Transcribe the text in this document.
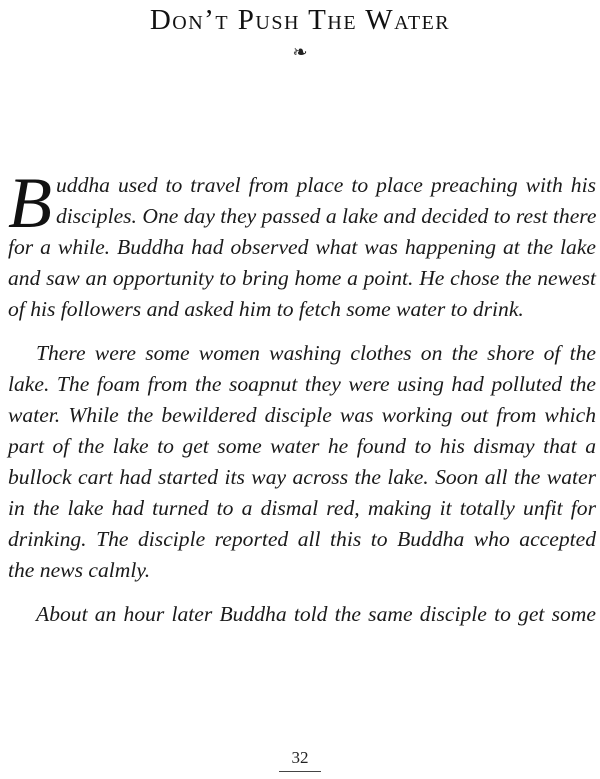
Don’t Push The Water
❧
B uddha used to travel from place to place preaching with his
disciples. One day they passed a lake and decided to rest there
for a while. Buddha had observed what was happening at the lake
and saw an opportunity to bring home a point. He chose the newest
of his followers and asked him to fetch some water to drink.
There were some women washing clothes on the shore of the
lake. The foam from the soapnut they were using had polluted the
water. While the bewildered disciple was working out from which
part of the lake to get some water he found to his dismay that a
bullock cart had started its way across the lake. Soon all the water
in the lake had turned to a dismal red, making it totally unfit for
drinking. The disciple reported all this to Buddha who accepted
the news calmly.
About an hour later Buddha told the same disciple to get some
32
